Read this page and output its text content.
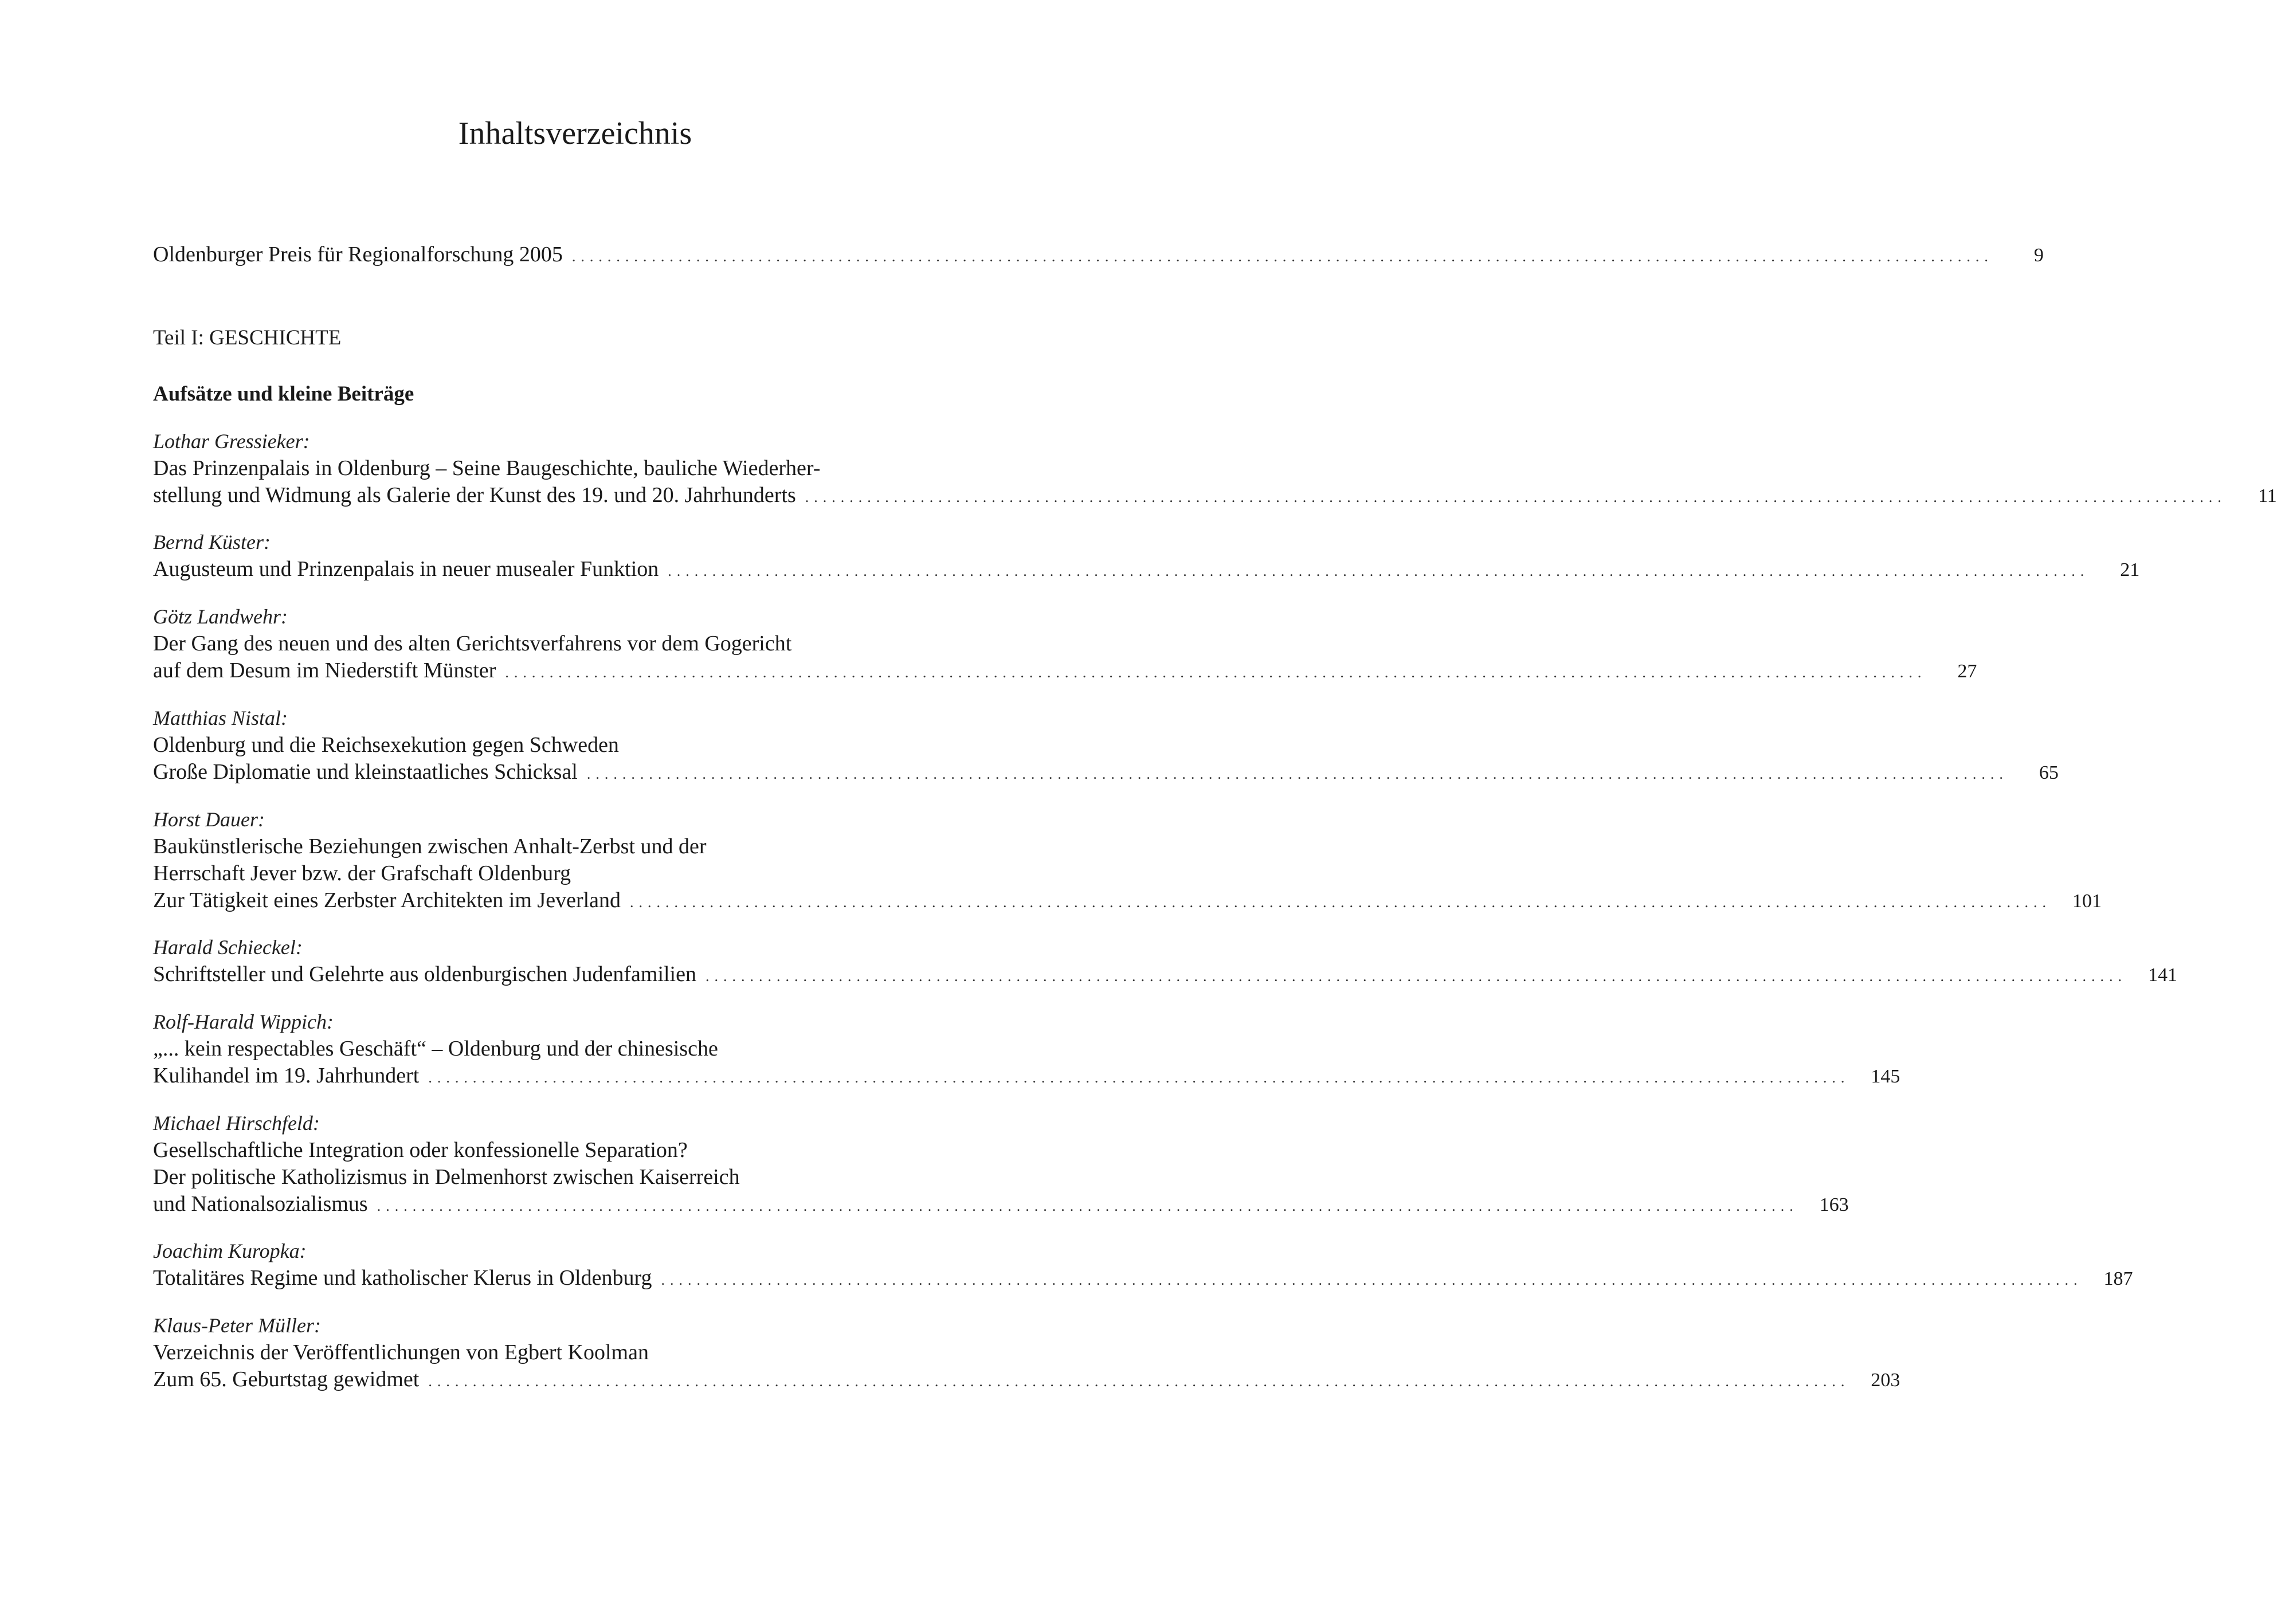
Inhaltsverzeichnis
Oldenburger Preis für Regionalforschung 2005 ................................................................................................................................................................	9
Teil I: GESCHICHTE
Aufsätze und kleine Beiträge
Lothar Gressieker:
Das Prinzenpalais in Oldenburg – Seine Baugeschichte, bauliche Wiederher-
stellung und Widmung als Galerie der Kunst des 19. und 20. Jahrhunderts ................................................................................................................................................................	11
Bernd Küster:
Augusteum und Prinzenpalais in neuer musealer Funktion ................................................................................................................................................................	21
Götz Landwehr:
Der Gang des neuen und des alten Gerichtsverfahrens vor dem Gogericht
auf dem Desum im Niederstift Münster ................................................................................................................................................................	27
Matthias Nistal:
Oldenburg und die Reichsexekution gegen Schweden
Große Diplomatie und kleinstaatliches Schicksal ................................................................................................................................................................	65
Horst Dauer:
Baukünstlerische Beziehungen zwischen Anhalt-Zerbst und der
Herrschaft Jever bzw. der Grafschaft Oldenburg
Zur Tätigkeit eines Zerbster Architekten im Jeverland ................................................................................................................................................................	101
Harald Schieckel:
Schriftsteller und Gelehrte aus oldenburgischen Judenfamilien ................................................................................................................................................................	141
Rolf-Harald Wippich:
„... kein respectables Geschäft“ – Oldenburg und der chinesische
Kulihandel im 19. Jahrhundert ................................................................................................................................................................	145
Michael Hirschfeld:
Gesellschaftliche Integration oder konfessionelle Separation?
Der politische Katholizismus in Delmenhorst zwischen Kaiserreich
und Nationalsozialismus ................................................................................................................................................................	163
Joachim Kuropka:
Totalitäres Regime und katholischer Klerus in Oldenburg ................................................................................................................................................................	187
Klaus-Peter Müller:
Verzeichnis der Veröffentlichungen von Egbert Koolman
Zum 65. Geburtstag gewidmet ................................................................................................................................................................	203
